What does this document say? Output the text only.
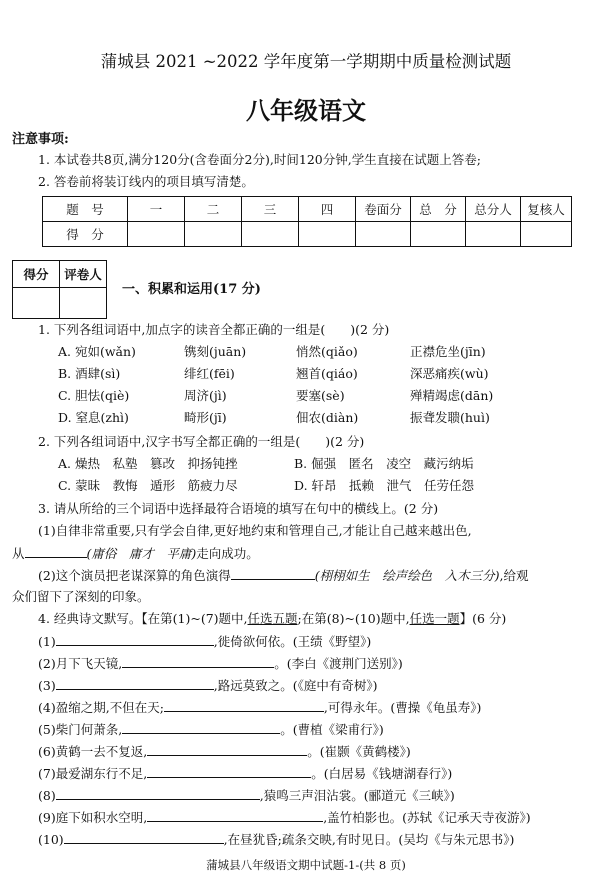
蒲城县 2021 ~2022 学年度第一学期期中质量检测试题
八年级语文
注意事项:
1. 本试卷共8页,满分120分(含卷面分2分),时间120分钟,学生直接在试题上答卷;
2. 答卷前将装订线内的项目填写清楚。
题　号	一	二	三	四	卷面分	总　分	总分人	复核人
得　分								
得分	评卷人

一、积累和运用(17 分)
1. 下列各组词语中,加点字的读音全都正确的一组是(　　)(2 分)
A. 宛如(wǎn)	镌刻(juān)	悄然(qiǎo)	正襟危坐(jīn)
B. 酒肆(sì)	绯红(fēi)	翘首(qiáo)	深恶痛疾(wù)
C. 胆怯(qiè)	周济(jì)	要塞(sè)	殚精竭虑(dān)
D. 窒息(zhì)	畸形(jī)	佃农(diàn)	振聋发聩(huì)
2. 下列各组词语中,汉字书写全都正确的一组是(　　)(2 分)
A. 燥热　私塾　篡改　抑扬钝挫	B. 倔强　匿名　凌空　藏污纳垢
C. 蒙昧　教悔　遁形　筋疲力尽	D. 轩昂　抵赖　泄气　任劳任怨
3. 请从所给的三个词语中选择最符合语境的填写在句中的横线上。(2 分)
(1)自律非常重要,只有学会自律,更好地约束和管理自己,才能让自己越来越出色,
从	(庸俗　庸才　平庸)走向成功。
(2)这个演员把老谋深算的角色演得	(栩栩如生　绘声绘色　入木三分),给观
众们留下了深刻的印象。
4. 经典诗文默写。【在第(1)~(7)题中,任选五题;在第(8)~(10)题中,任选一题】(6 分)
(1)	,徙倚欲何依。(王绩《野望》)
(2)月下飞天镜,	。(李白《渡荆门送别》)
(3)	,路远莫致之。(《庭中有奇树》)
(4)盈缩之期,不但在天;	,可得永年。(曹操《龟虽寿》)
(5)柴门何萧条,	。(曹植《梁甫行》)
(6)黄鹤一去不复返,	。(崔颢《黄鹤楼》)
(7)最爱湖东行不足,	。(白居易《钱塘湖春行》)
(8)	,猿鸣三声泪沾裳。(郦道元《三峡》)
(9)庭下如积水空明,	,盖竹柏影也。(苏轼《记承天寺夜游》)
(10)	,在昼犹昏;疏条交映,有时见日。(吴均《与朱元思书》)
蒲城县八年级语文期中试题-1-(共 8 页)
